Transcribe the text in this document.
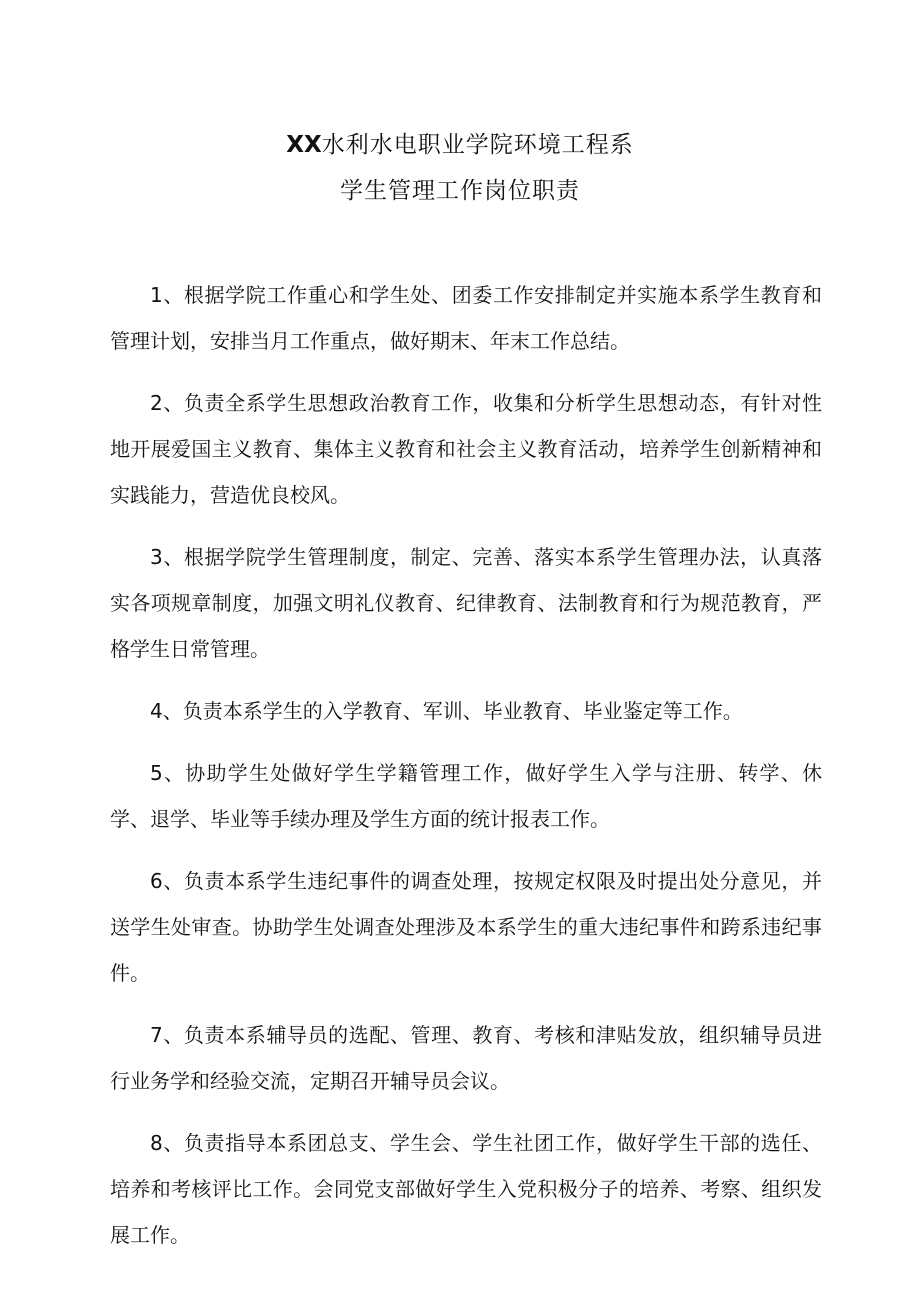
XX水利水电职业学院环境工程系
学生管理工作岗位职责

1、根据学院工作重心和学生处、团委工作安排制定并实施本系学生教育和管理计划，安排当月工作重点，做好期末、年末工作总结。

2、负责全系学生思想政治教育工作，收集和分析学生思想动态，有针对性地开展爱国主义教育、集体主义教育和社会主义教育活动，培养学生创新精神和实践能力，营造优良校风。

3、根据学院学生管理制度，制定、完善、落实本系学生管理办法，认真落实各项规章制度，加强文明礼仪教育、纪律教育、法制教育和行为规范教育，严格学生日常管理。

4、负责本系学生的入学教育、军训、毕业教育、毕业鉴定等工作。

5、协助学生处做好学生学籍管理工作，做好学生入学与注册、转学、休学、退学、毕业等手续办理及学生方面的统计报表工作。

6、负责本系学生违纪事件的调查处理，按规定权限及时提出处分意见，并送学生处审查。协助学生处调查处理涉及本系学生的重大违纪事件和跨系违纪事件。

7、负责本系辅导员的选配、管理、教育、考核和津贴发放，组织辅导员进行业务学和经验交流，定期召开辅导员会议。

8、负责指导本系团总支、学生会、学生社团工作，做好学生干部的选任、培养和考核评比工作。会同党支部做好学生入党积极分子的培养、考察、组织发展工作。
